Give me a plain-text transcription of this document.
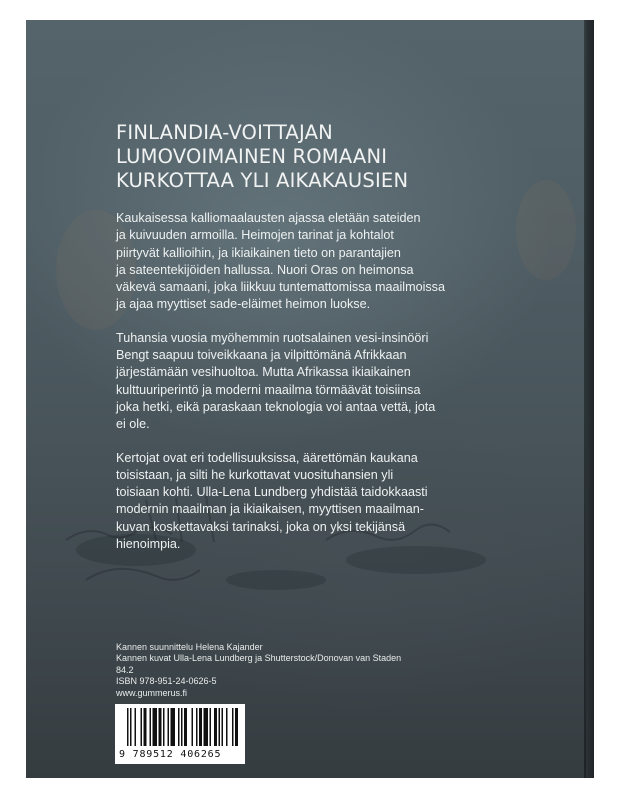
FINLANDIA-VOITTAJAN
LUMOVOIMAINEN ROMAANI
KURKOTTAA YLI AIKAKAUSIEN

Kaukaisessa kalliomaalausten ajassa eletään sateiden
ja kuivuuden armoilla. Heimojen tarinat ja kohtalot
piirtyvät kallioihin, ja ikiaikainen tieto on parantajien
ja sateentekijöiden hallussa. Nuori Oras on heimonsa
väkevä samaani, joka liikkuu tuntemattomissa maailmoissa
ja ajaa myyttiset sade-eläimet heimon luokse.

Tuhansia vuosia myöhemmin ruotsalainen vesi-insinööri
Bengt saapuu toiveikkaana ja vilpittömänä Afrikkaan
järjestämään vesihuoltoa. Mutta Afrikassa ikiaikainen
kulttuuriperintö ja moderni maailma törmäävät toisiinsa
joka hetki, eikä paraskaan teknologia voi antaa vettä, jota
ei ole.

Kertojat ovat eri todellisuuksissa, äärettömän kaukana
toisistaan, ja silti he kurkottavat vuosituhansien yli
toisiaan kohti. Ulla-Lena Lundberg yhdistää taidokkaasti
modernin maailman ja ikiaikaisen, myyttisen maailman-
kuvan koskettavaksi tarinaksi, joka on yksi tekijänsä
hienoimpia.

Kannen suunnittelu Helena Kajander
Kannen kuvat Ulla-Lena Lundberg ja Shutterstock/Donovan van Staden
84.2
ISBN 978-951-24-0626-5
www.gummerus.fi
9 789512 406265
